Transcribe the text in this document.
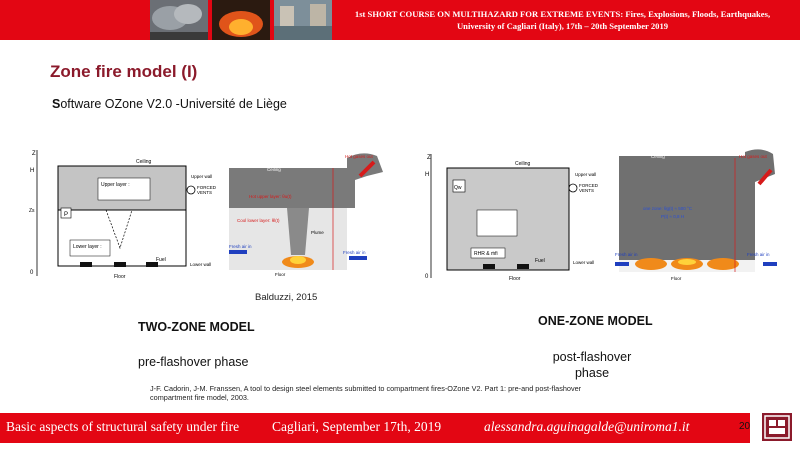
1st SHORT COURSE ON MULTIHAZARD FOR EXTREME EVENTS: Fires, Explosions, Floods, Earthquakes,
University of Cagliari (Italy), 17th – 20th September 2019
Zone fire model (I)
Software OZone V2.0 -Université de Liège
Z
H
Zs
0
Ceiling
Upper layer :	FORCED
VENTS
Upper wall
P
Lower layer :
Fuel
Floor
Lower wall
Ceiling
Hot gases out
Hot upper layer: θu(t)
Cool lower layer: θl(t)
Plume
Fresh air in
Fresh air in
Floor
Z
H
0
Ceiling
Qw
Upper wall
FORCED
VENTS
RHR & ṁfi
Fuel
Floor
Lower wall
Ceiling	Hot gases out
one zone: θg(t) ≈ 500 °C
P(t) ≈ 0,8 H
Fresh air in	Fresh air in
Floor
Balduzzi, 2015
TWO-ZONE MODEL
pre-flashover phase
ONE-ZONE MODEL
post-flashover
phase
J-F. Cadorin, J-M. Franssen, A tool to design steel elements submitted to compartment fires-OZone V2. Part 1: pre-and post-flashover
compartment fire model, 2003.
Basic aspects of structural safety under fire Cagliari, September 17th, 2019	alessandra.aguinagalde@uniroma1.it	20
